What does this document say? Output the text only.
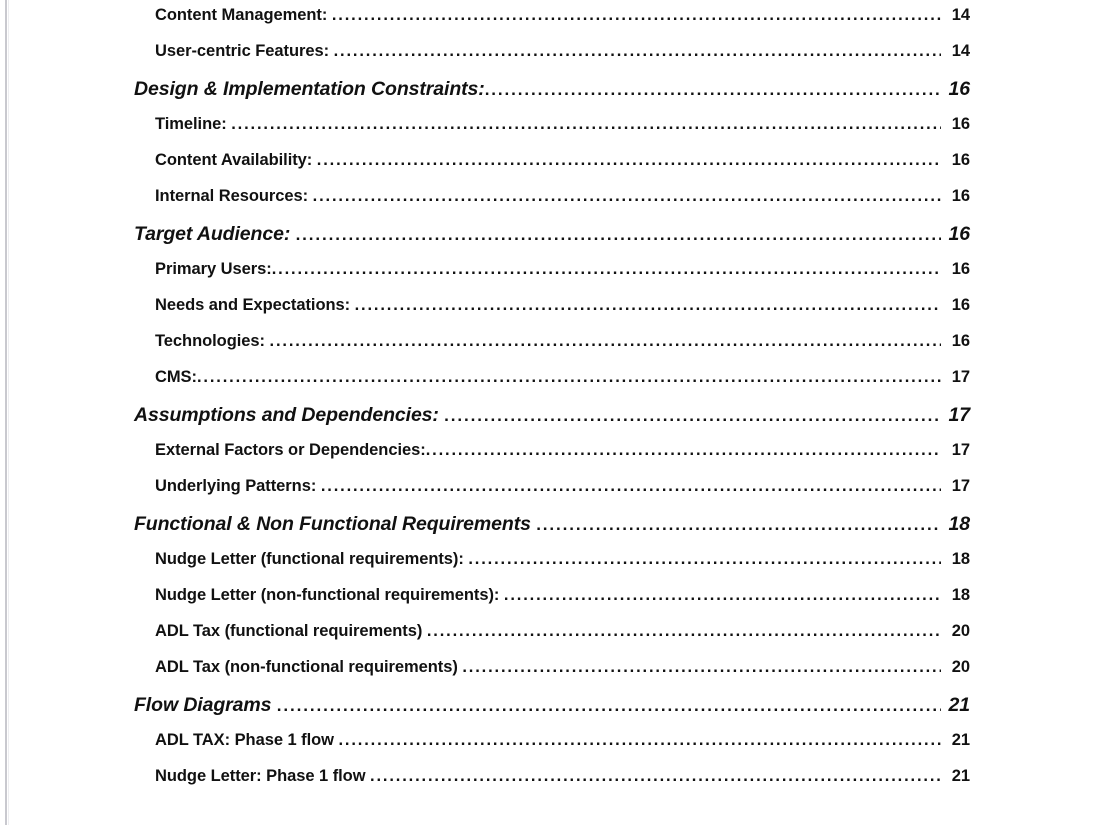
Content Management: .....	14
User-centric Features: .....	14
Design & Implementation Constraints: .....	16
Timeline: .....	16
Content Availability: .....	16
Internal Resources: .....	16
Target Audience: .....	16
Primary Users: .....	16
Needs and Expectations: .....	16
Technologies: .....	16
CMS: .....	17
Assumptions and Dependencies: .....	17
External Factors or Dependencies: .....	17
Underlying Patterns: .....	17
Functional & Non Functional Requirements .....	18
Nudge Letter (functional requirements): .....	18
Nudge Letter (non-functional requirements): .....	18
ADL Tax (functional requirements) .....	20
ADL Tax (non-functional requirements) .....	20
Flow Diagrams .....	21
ADL TAX: Phase 1 flow .....	21
Nudge Letter: Phase 1 flow .....	21
